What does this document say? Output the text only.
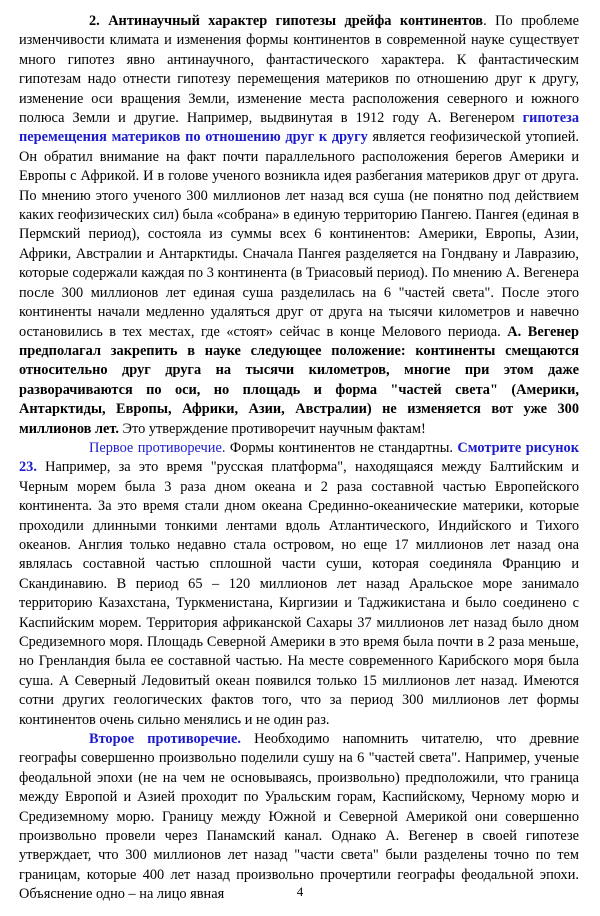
2. Антинаучный характер гипотезы дрейфа континентов. По проблеме изменчивости климата и изменения формы континентов в современной науке существует много гипотез явно антинаучного, фантастического характера. К фантастическим гипотезам надо отнести гипотезу перемещения материков по отношению друг к другу, изменение оси вращения Земли, изменение места расположения северного и южного полюса Земли и другие. Например, выдвинутая в 1912 году А. Вегенером гипотеза перемещения материков по отношению друг к другу является геофизической утопией. Он обратил внимание на факт почти параллельного расположения берегов Америки и Европы с Африкой. И в голове ученого возникла идея разбегания материков друг от друга. По мнению этого ученого 300 миллионов лет назад вся суша (не понятно под действием каких геофизических сил) была «собрана» в единую территорию Пангею. Пангея (единая в Пермский период), состояла из суммы всех 6 континентов: Америки, Европы, Азии, Африки, Австралии и Антарктиды. Сначала Пангея разделяется на Гондвану и Лавразию, которые содержали каждая по 3 континента (в Триасовый период). По мнению А. Вегенера после 300 миллионов лет единая суша разделилась на 6 "частей света". После этого континенты начали медленно удаляться друг от друга на тысячи километров и навечно остановились в тех местах, где «стоят» сейчас в конце Мелового периода. А. Вегенер предполагал закрепить в науке следующее положение: континенты смещаются относительно друг друга на тысячи километров, многие при этом даже разворачиваются по оси, но площадь и форма "частей света" (Америки, Антарктиды, Европы, Африки, Азии, Австралии) не изменяется вот уже 300 миллионов лет. Это утверждение противоречит научным фактам!

Первое противоречие. Формы континентов не стандартны. Смотрите рисунок 23. Например, за это время "русская платформа", находящаяся между Балтийским и Черным морем была 3 раза дном океана и 2 раза составной частью Европейского континента. За это время стали дном океана Срединно-океанические материки, которые проходили длинными тонкими лентами вдоль Атлантического, Индийского и Тихого океанов. Англия только недавно стала островом, но еще 17 миллионов лет назад она являлась составной частью сплошной части суши, которая соединяла Францию и Скандинавию. В период 65 – 120 миллионов лет назад Аральское море занимало территорию Казахстана, Туркменистана, Киргизии и Таджикистана и было соединено с Каспийским морем. Территория африканской Сахары 37 миллионов лет назад было дном Средиземного моря. Площадь Северной Америки в это время была почти в 2 раза меньше, но Гренландия была ее составной частью. На месте современного Карибского моря была суша. А Северный Ледовитый океан появился только 15 миллионов лет назад. Имеются сотни других геологических фактов того, что за период 300 миллионов лет формы континентов очень сильно менялись и не один раз.

Второе противоречие. Необходимо напомнить читателю, что древние географы совершенно произвольно поделили сушу на 6 "частей света". Например, ученые феодальной эпохи (не на чем не основываясь, произвольно) предположили, что граница между Европой и Азией проходит по Уральским горам, Каспийскому, Черному морю и Средиземному морю. Границу между Южной и Северной Америкой они совершенно произвольно провели через Панамский канал. Однако А. Вегенер в своей гипотезе утверждает, что 300 миллионов лет назад "части света" были разделены точно по тем границам, которые 400 лет назад произвольно прочертили географы феодальной эпохи. Объяснение одно – на лицо явная	4
